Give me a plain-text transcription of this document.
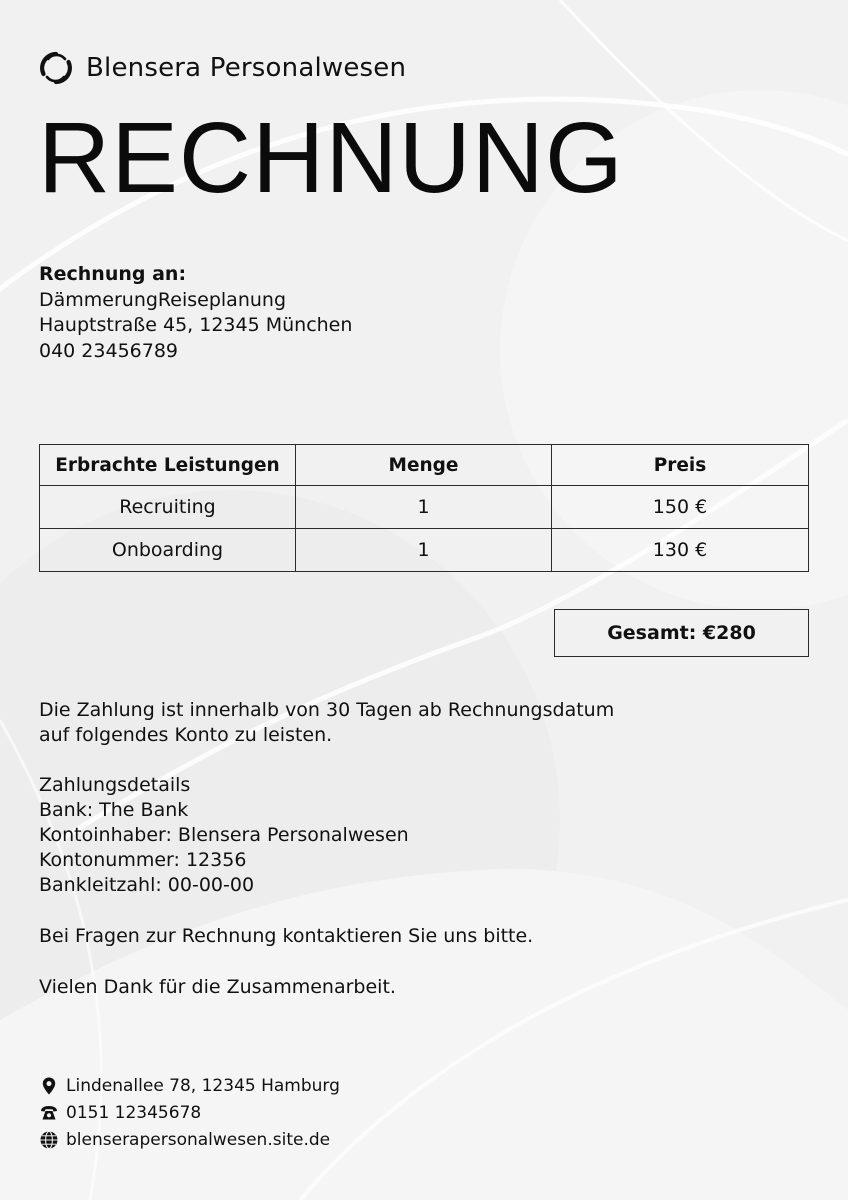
Blensera Personalwesen
RECHNUNG
Rechnung an:
DämmerungReiseplanung
Hauptstraße 45, 12345 München
040 23456789
Erbrachte Leistungen	Menge	Preis
Recruiting	1	150 €
Onboarding	1	130 €
Gesamt: €280

Die Zahlung ist innerhalb von 30 Tagen ab Rechnungsdatum

auf folgendes Konto zu leisten.

Zahlungsdetails

Bank: The Bank

Kontoinhaber: Blensera Personalwesen

Kontonummer: 12356

Bankleitzahl: 00-00-00

Bei Fragen zur Rechnung kontaktieren Sie uns bitte.

Vielen Dank für die Zusammenarbeit.

Lindenallee 78, 12345 Hamburg
0151 12345678
blenserapersonalwesen.site.de
